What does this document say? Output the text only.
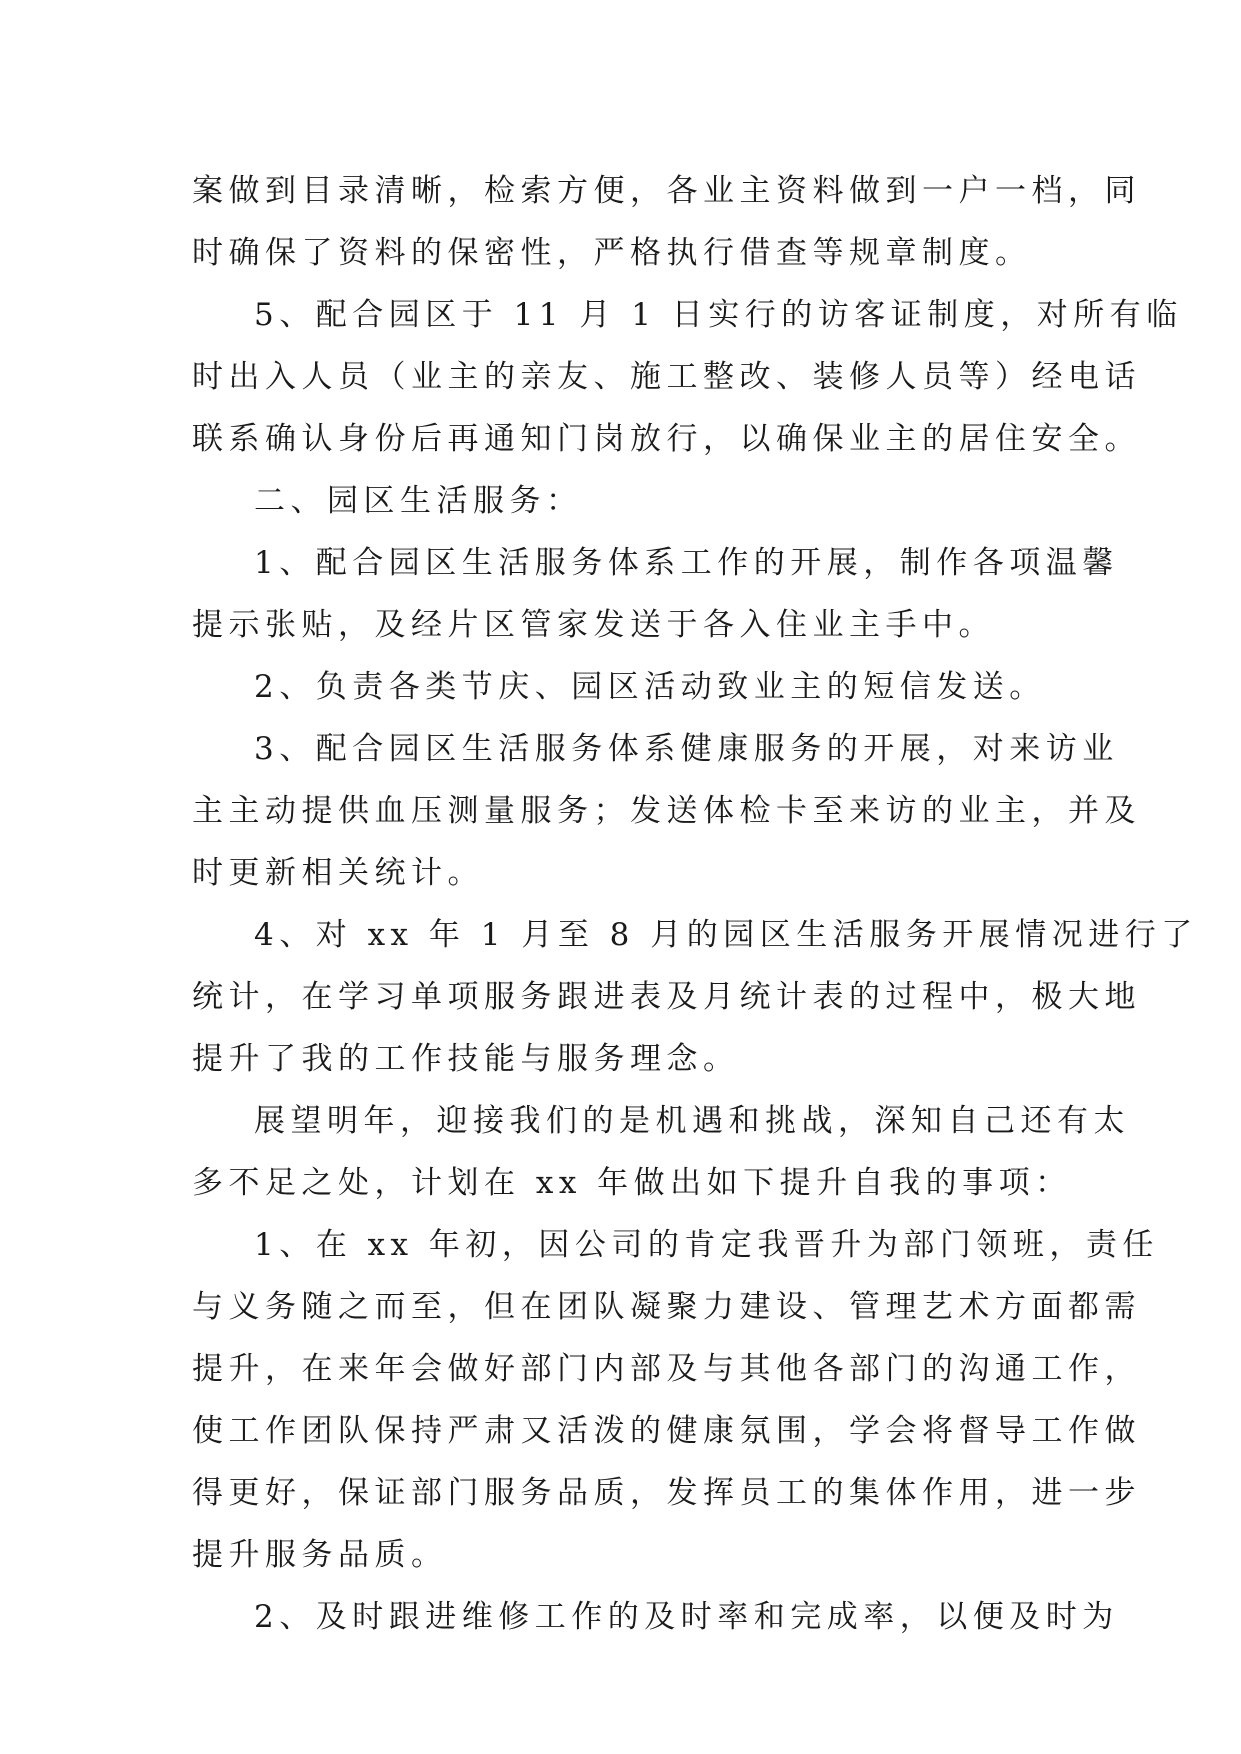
案做到目录清晰，检索方便，各业主资料做到一户一档，同
时确保了资料的保密性，严格执行借查等规章制度。
5、配合园区于 11 月 1 日实行的访客证制度，对所有临
时出入人员（业主的亲友、施工整改、装修人员等）经电话
联系确认身份后再通知门岗放行，以确保业主的居住安全。
二、园区生活服务：
1、配合园区生活服务体系工作的开展，制作各项温馨
提示张贴，及经片区管家发送于各入住业主手中。
2、负责各类节庆、园区活动致业主的短信发送。
3、配合园区生活服务体系健康服务的开展，对来访业
主主动提供血压测量服务；发送体检卡至来访的业主，并及
时更新相关统计。
4、对 xx 年 1 月至 8 月的园区生活服务开展情况进行了
统计，在学习单项服务跟进表及月统计表的过程中，极大地
提升了我的工作技能与服务理念。
展望明年，迎接我们的是机遇和挑战，深知自己还有太
多不足之处，计划在 xx 年做出如下提升自我的事项：
1、在 xx 年初，因公司的肯定我晋升为部门领班，责任
与义务随之而至，但在团队凝聚力建设、管理艺术方面都需
提升，在来年会做好部门内部及与其他各部门的沟通工作，
使工作团队保持严肃又活泼的健康氛围，学会将督导工作做
得更好，保证部门服务品质，发挥员工的集体作用，进一步
提升服务品质。
2、及时跟进维修工作的及时率和完成率，以便及时为
